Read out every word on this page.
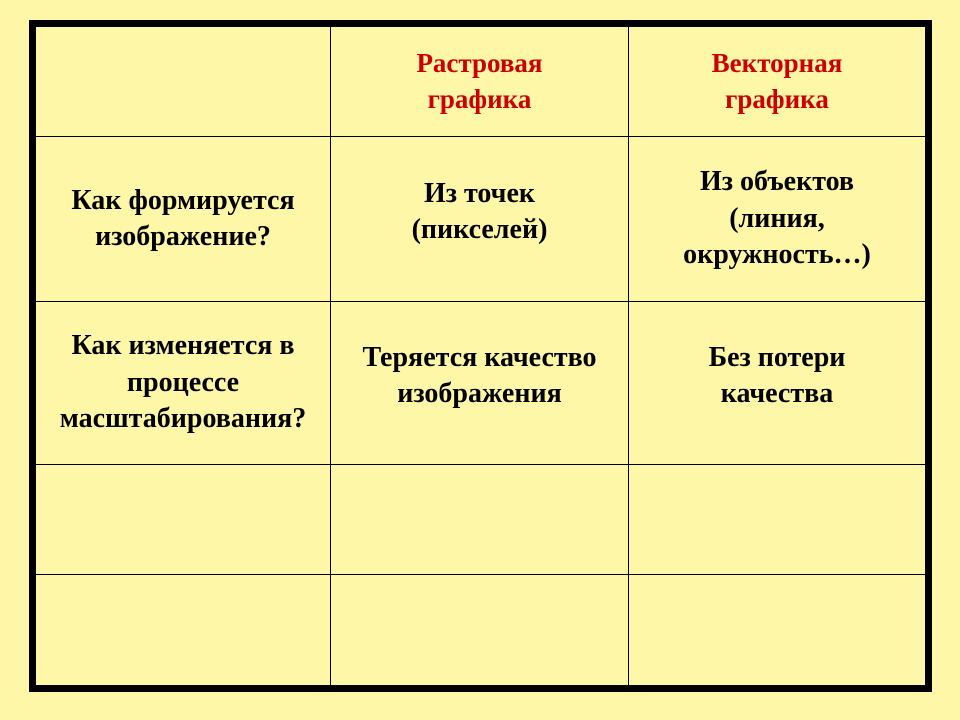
Растровая
графика
Векторная
графика
Как формируется
изображение?
Из точек
(пикселей)
Из объектов
(линия,
окружность…)
Как изменяется в
процессе
масштабирования?
Теряется качество
изображения
Без потери
качества
